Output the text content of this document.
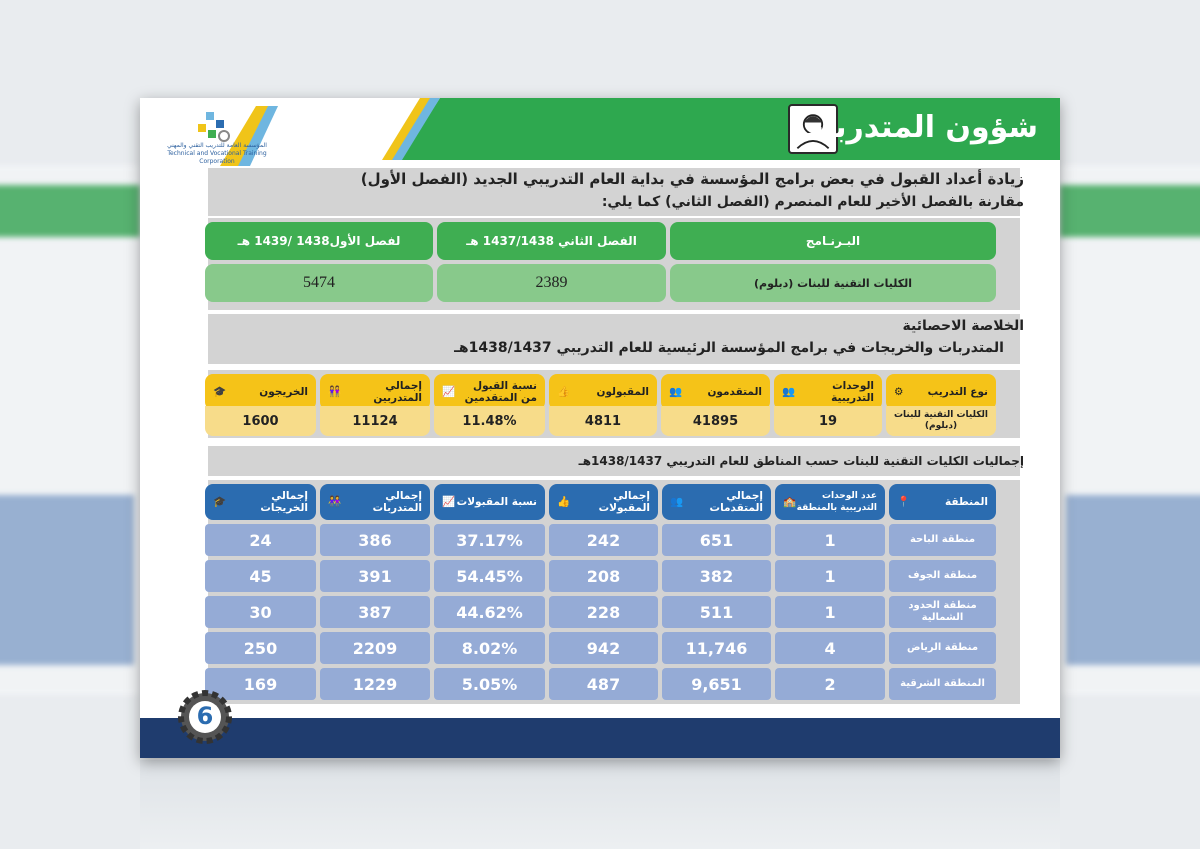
المؤسسة العامة للتدريب التقني والمهني
Technical and Vocational Training Corporation
شؤون المتدربات
زيادة أعداد القبول في بعض برامج المؤسسة في بداية العام التدريبي الجديد (الفصل الأول)
مقارنة بالفصل الأخير للعام المنصرم (الفصل الثاني) كما يلي:
البـرنـامج
الفصل الثاني 1437/1438 هـ
لفصل الأول1438 /1439 هـ
الكليات التقنية للبنات (دبلوم)
2389
5474
الخلاصة الاحصائية
المتدربات والخريجات في برامج المؤسسة الرئيسية للعام التدريبي 1438/1437هـ
نوع التدريب
⚙
الوحدات التدريبية
👥
المتقدمون
👥
المقبولون
👍
نسبة القبول من المتقدمين
📈
إجمالي المتدربين
👭
الخريجون
🎓
الكليات التقنية للبنات (دبلوم)
19
41895
4811
11.48%
11124
1600
إجماليات الكليات التقنية للبنات حسب المناطق للعام التدريبي 1438/1437هـ
المنطقة
📍
عدد الوحدات التدريبية بالمنطقة
🏫
إجمالي المتقدمات
👥
إجمالي المقبولات
👍
نسبة المقبولات
📈
إجمالي المتدربات
👭
إجمالي الخريجات
🎓
منطقة الباحة
1
651
242
37.17%
386
24
منطقة الجوف
1
382
208
54.45%
391
45
منطقة الحدود الشمالية
1
511
228
44.62%
387
30
منطقة الرياض
4
11,746
942
8.02%
2209
250
المنطقة الشرقية
2
9,651
487
5.05%
1229
169
6
